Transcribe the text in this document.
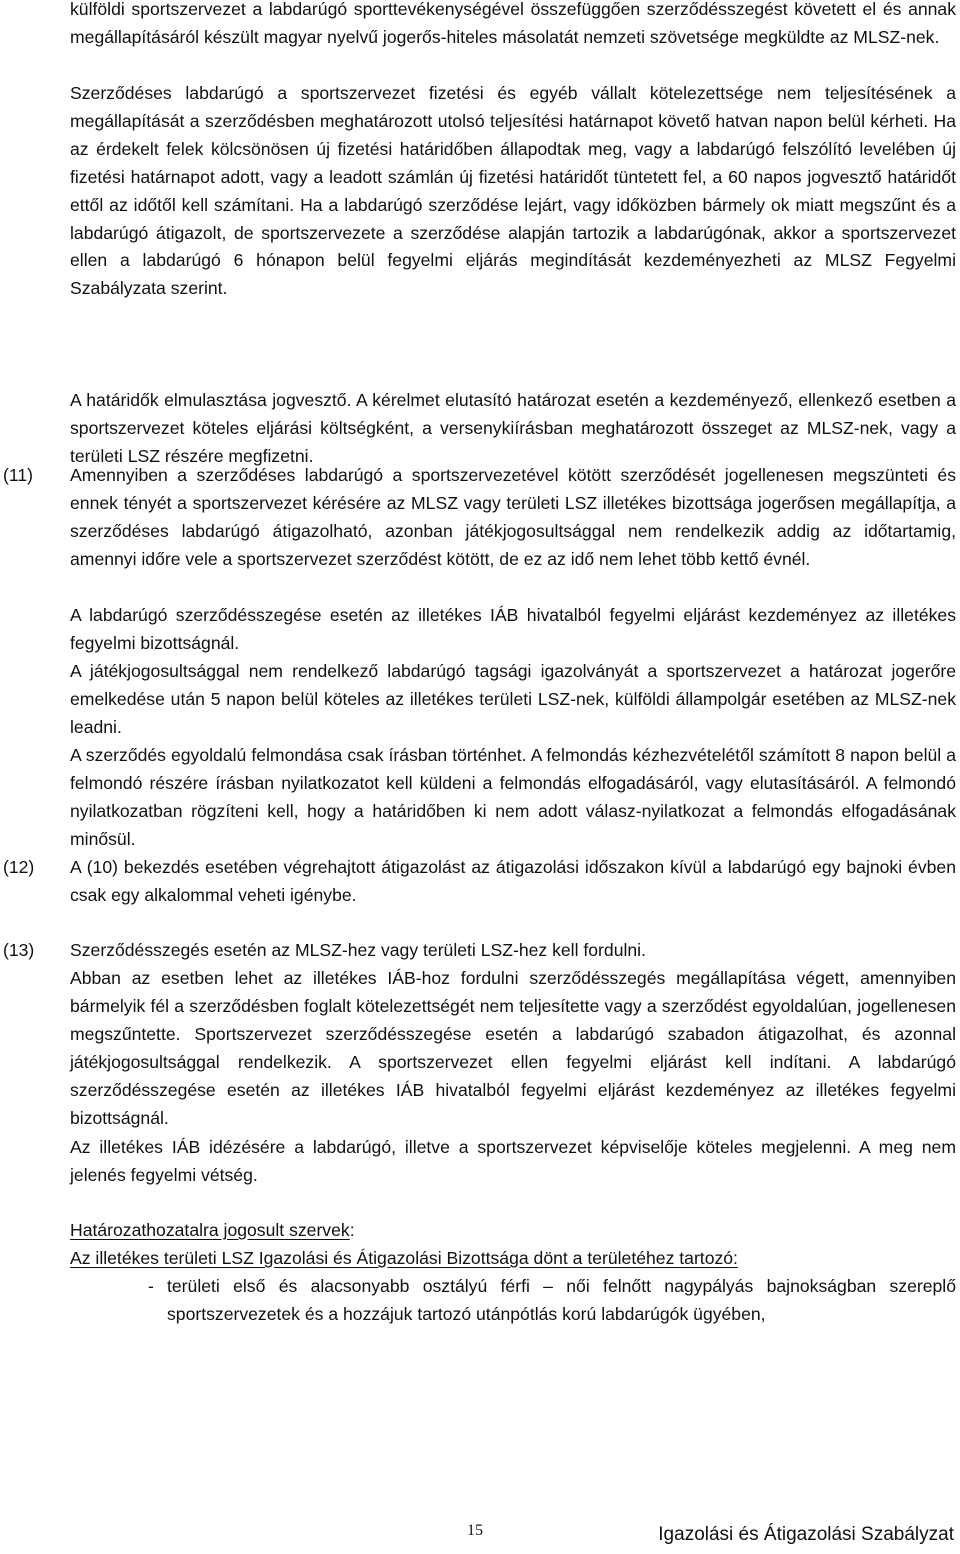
külföldi sportszervezet a labdarúgó sporttevékenységével összefüggően szerződésszegést követett el és annak megállapításáról készült magyar nyelvű jogerős-hiteles másolatát nemzeti szövetsége megküldte az MLSZ-nek.
Szerződéses labdarúgó a sportszervezet fizetési és egyéb vállalt kötelezettsége nem teljesítésének a megállapítását a szerződésben meghatározott utolsó teljesítési határnapot követő hatvan napon belül kérheti. Ha az érdekelt felek kölcsönösen új fizetési határidőben állapodtak meg, vagy a labdarúgó felszólító levelében új fizetési határnapot adott, vagy a leadott számlán új fizetési határidőt tüntetett fel, a 60 napos jogvesztő határidőt ettől az időtől kell számítani. Ha a labdarúgó szerződése lejárt, vagy időközben bármely ok miatt megszűnt és a labdarúgó átigazolt, de sportszervezete a szerződése alapján tartozik a labdarúgónak, akkor a sportszervezet ellen a labdarúgó 6 hónapon belül fegyelmi eljárás megindítását kezdeményezheti az MLSZ Fegyelmi Szabályzata szerint.
A határidők elmulasztása jogvesztő. A kérelmet elutasító határozat esetén a kezdeményező, ellenkező esetben a sportszervezet köteles eljárási költségként, a versenykiírásban meghatározott összeget az MLSZ-nek, vagy a területi LSZ részére megfizetni.
(11) Amennyiben a szerződéses labdarúgó a sportszervezetével kötött szerződését jogellenesen megszünteti és ennek tényét a sportszervezet kérésére az MLSZ vagy területi LSZ illetékes bizottsága jogerősen megállapítja, a szerződéses labdarúgó átigazolható, azonban játékjogosultsággal nem rendelkezik addig az időtartamig, amennyi időre vele a sportszervezet szerződést kötött, de ez az idő nem lehet több kettő évnél.
A labdarúgó szerződésszegése esetén az illetékes IÁB hivatalból fegyelmi eljárást kezdeményez az illetékes fegyelmi bizottságnál.
A játékjogosultsággal nem rendelkező labdarúgó tagsági igazolványát a sportszervezet a határozat jogerőre emelkedése után 5 napon belül köteles az illetékes területi LSZ-nek, külföldi állampolgár esetében az MLSZ-nek leadni.
A szerződés egyoldalú felmondása csak írásban történhet. A felmondás kézhezvételétől számított 8 napon belül a felmondó részére írásban nyilatkozatot kell küldeni a felmondás elfogadásáról, vagy elutasításáról. A felmondó nyilatkozatban rögzíteni kell, hogy a határidőben ki nem adott válasz-nyilatkozat a felmondás elfogadásának minősül.
(12) A (10) bekezdés esetében végrehajtott átigazolást az átigazolási időszakon kívül a labdarúgó egy bajnoki évben csak egy alkalommal veheti igénybe.
(13) Szerződésszegés esetén az MLSZ-hez vagy területi LSZ-hez kell fordulni.
Abban az esetben lehet az illetékes IÁB-hoz fordulni szerződésszegés megállapítása végett, amennyiben bármelyik fél a szerződésben foglalt kötelezettségét nem teljesítette vagy a szerződést egyoldalúan, jogellenesen megszűntette. Sportszervezet szerződésszegése esetén a labdarúgó szabadon átigazolhat, és azonnal játékjogosultsággal rendelkezik. A sportszervezet ellen fegyelmi eljárást kell indítani. A labdarúgó szerződésszegése esetén az illetékes IÁB hivatalból fegyelmi eljárást kezdeményez az illetékes fegyelmi bizottságnál.
Az illetékes IÁB idézésére a labdarúgó, illetve a sportszervezet képviselője köteles megjelenni. A meg nem jelenés fegyelmi vétség.
Határozathozatalra jogosult szervek:
Az illetékes területi LSZ Igazolási és Átigazolási Bizottsága dönt a területéhez tartozó:
- területi első és alacsonyabb osztályú férfi – női felnőtt nagypályás bajnokságban szereplő sportszervezetek és a hozzájuk tartozó utánpótlás korú labdarúgók ügyében,
15	Igazolási és Átigazolási Szabályzat
